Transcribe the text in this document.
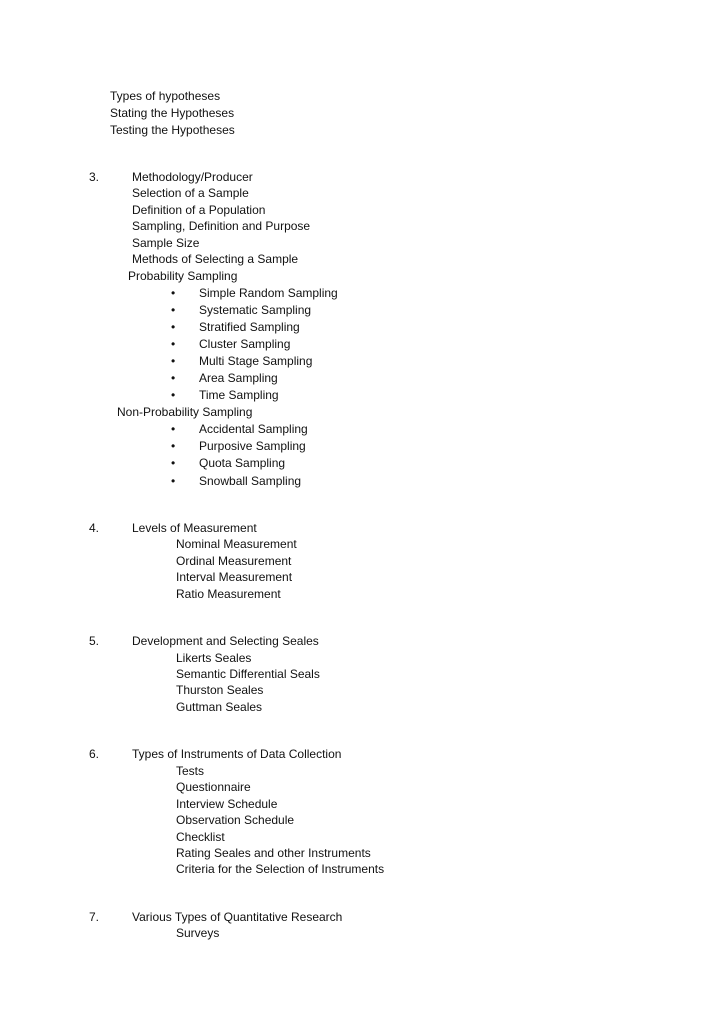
Types of hypotheses
Stating the Hypotheses
Testing the Hypotheses
3.	Methodology/Producer
Selection of a Sample
Definition of a Population
Sampling, Definition and Purpose
Sample Size
Methods of Selecting a Sample
Probability Sampling
• Simple Random Sampling
• Systematic Sampling
• Stratified Sampling
• Cluster Sampling
• Multi Stage Sampling
• Area Sampling
• Time Sampling
Non-Probability Sampling
• Accidental Sampling
• Purposive Sampling
• Quota Sampling
• Snowball Sampling
4.	Levels of Measurement
Nominal Measurement
Ordinal Measurement
Interval Measurement
Ratio Measurement
5.	Development and Selecting Seales
Likerts Seales
Semantic Differential Seals
Thurston Seales
Guttman Seales
6.	Types of Instruments of Data Collection
Tests
Questionnaire
Interview Schedule
Observation Schedule
Checklist
Rating Seales and other Instruments
Criteria for the Selection of Instruments
7.	Various Types of Quantitative Research
Surveys
